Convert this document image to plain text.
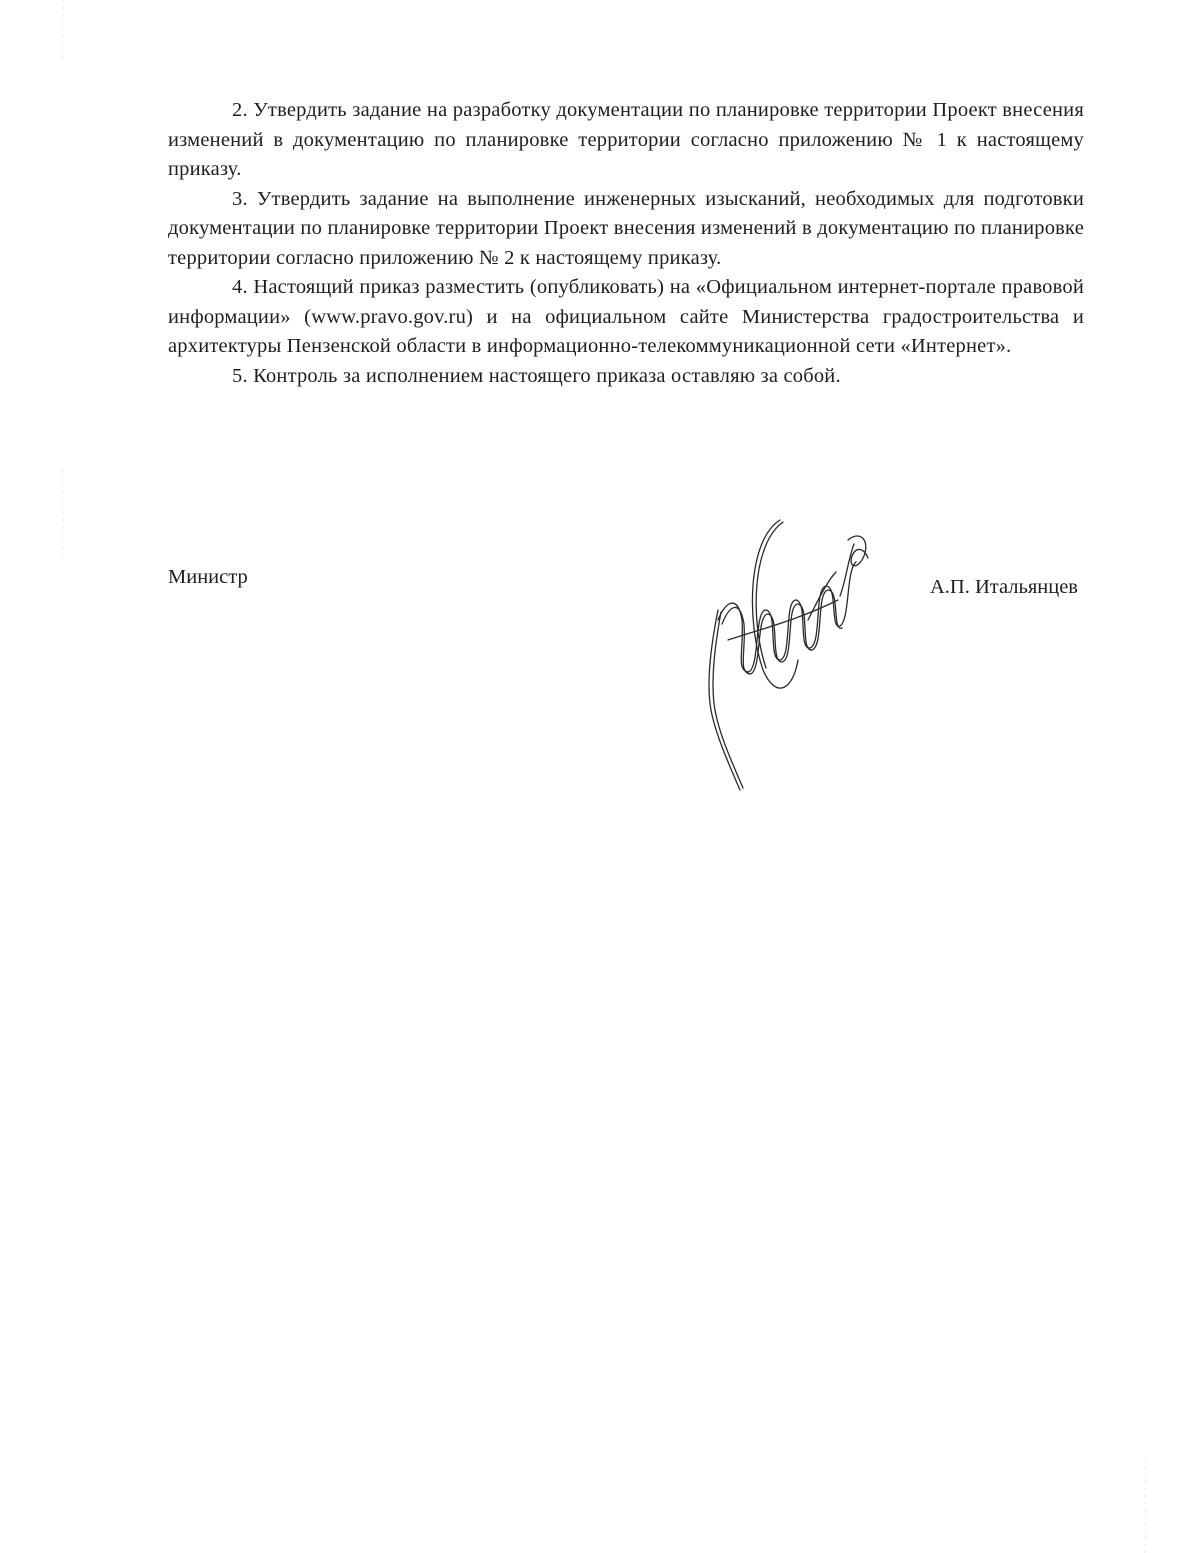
2. Утвердить задание на разработку документации по планировке территории Проект внесения изменений в документацию по планировке территории согласно приложению № 1 к настоящему приказу.

3. Утвердить задание на выполнение инженерных изысканий, необходимых для подготовки документации по планировке территории Проект внесения изменений в документацию по планировке территории согласно приложению № 2 к настоящему приказу.

4. Настоящий приказ разместить (опубликовать) на «Официальном интернет-портале правовой информации» (www.pravo.gov.ru) и на официальном сайте Министерства градостроительства и архитектуры Пензенской области в информационно-телекоммуникационной сети «Интернет».

5. Контроль за исполнением настоящего приказа оставляю за собой.

Министр	А.П. Итальянцев
